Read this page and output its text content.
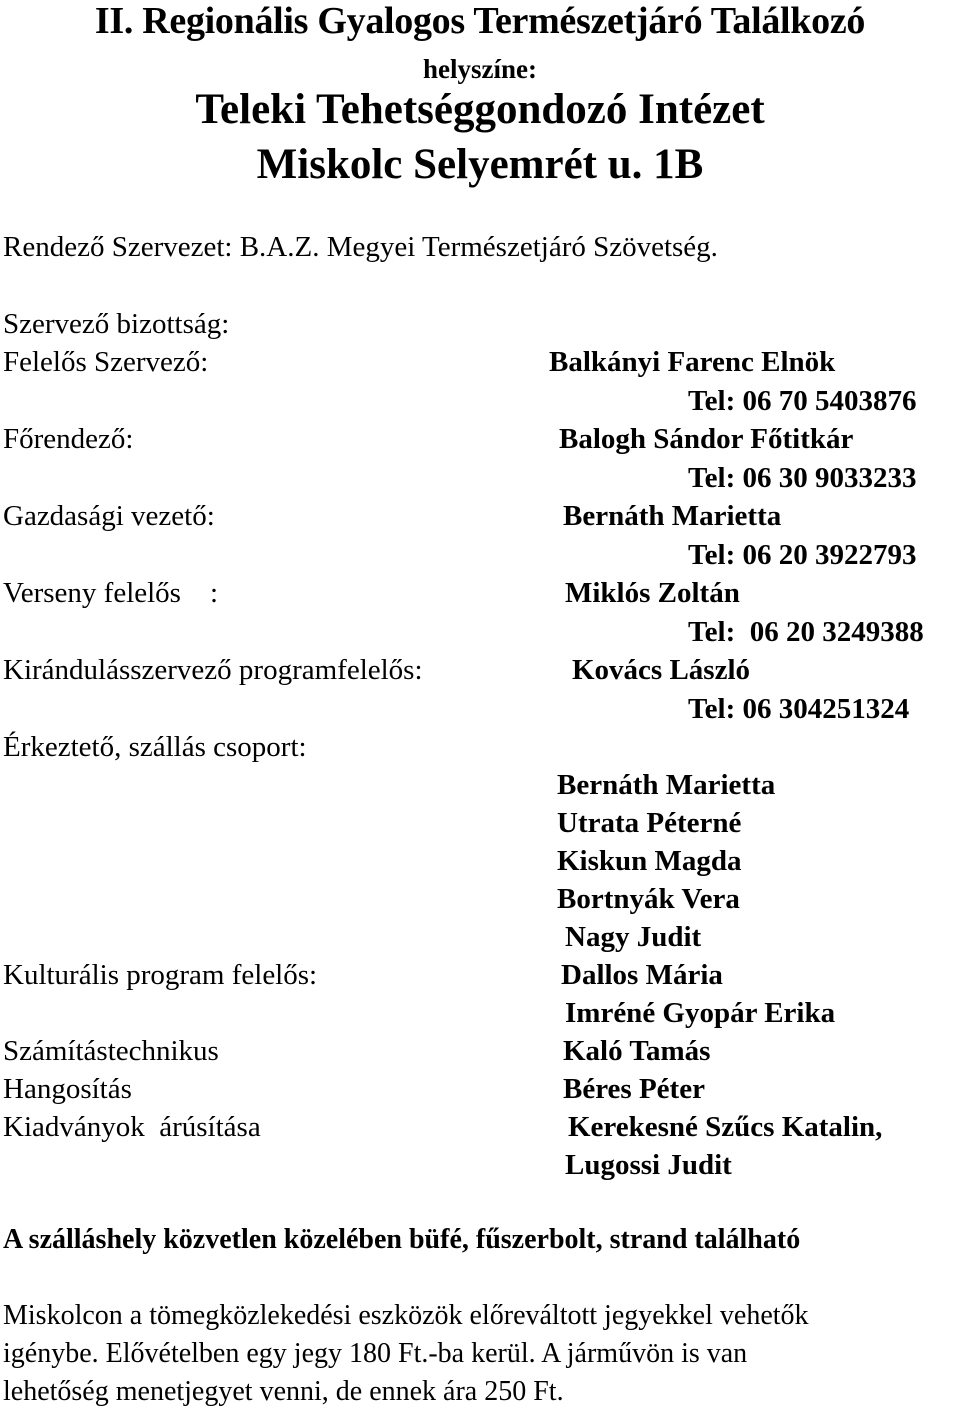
II. Regionális Gyalogos Természetjáró Találkozó
helyszíne:
Teleki Tehetséggondozó Intézet
Miskolc Selyemrét u. 1B
Rendező Szervezet: B.A.Z. Megyei Természetjáró Szövetség.
Szervező bizottság:
Felelős Szervező:	Balkányi Farenc Elnök
Tel: 06 70 5403876
Főrendező:	Balogh Sándor Főtitkár
Tel: 06 30 9033233
Gazdasági vezető:	Bernáth Marietta
Tel: 06 20 3922793
Verseny felelős    :	Miklós Zoltán
Tel:  06 20 3249388
Kirándulásszervező programfelelős:	Kovács László
Tel: 06 304251324
Érkeztető, szállás csoport:
Bernáth Marietta
Utrata Péterné
Kiskun Magda
Bortnyák Vera
Nagy Judit
Kulturális program felelős:	Dallos Mária
Imréné Gyopár Erika
Számítástechnikus	Kaló Tamás
Hangosítás	Béres Péter
Kiadványok  árúsítása	Kerekesné Szűcs Katalin,
Lugossi Judit
A szálláshely közvetlen közelében büfé, fűszerbolt, strand található
Miskolcon a tömegközlekedési eszközök előreváltott jegyekkel vehetők
igénybe. Elővételben egy jegy 180 Ft.-ba kerül. A járművön is van
lehetőség menetjegyet venni, de ennek ára 250 Ft.
